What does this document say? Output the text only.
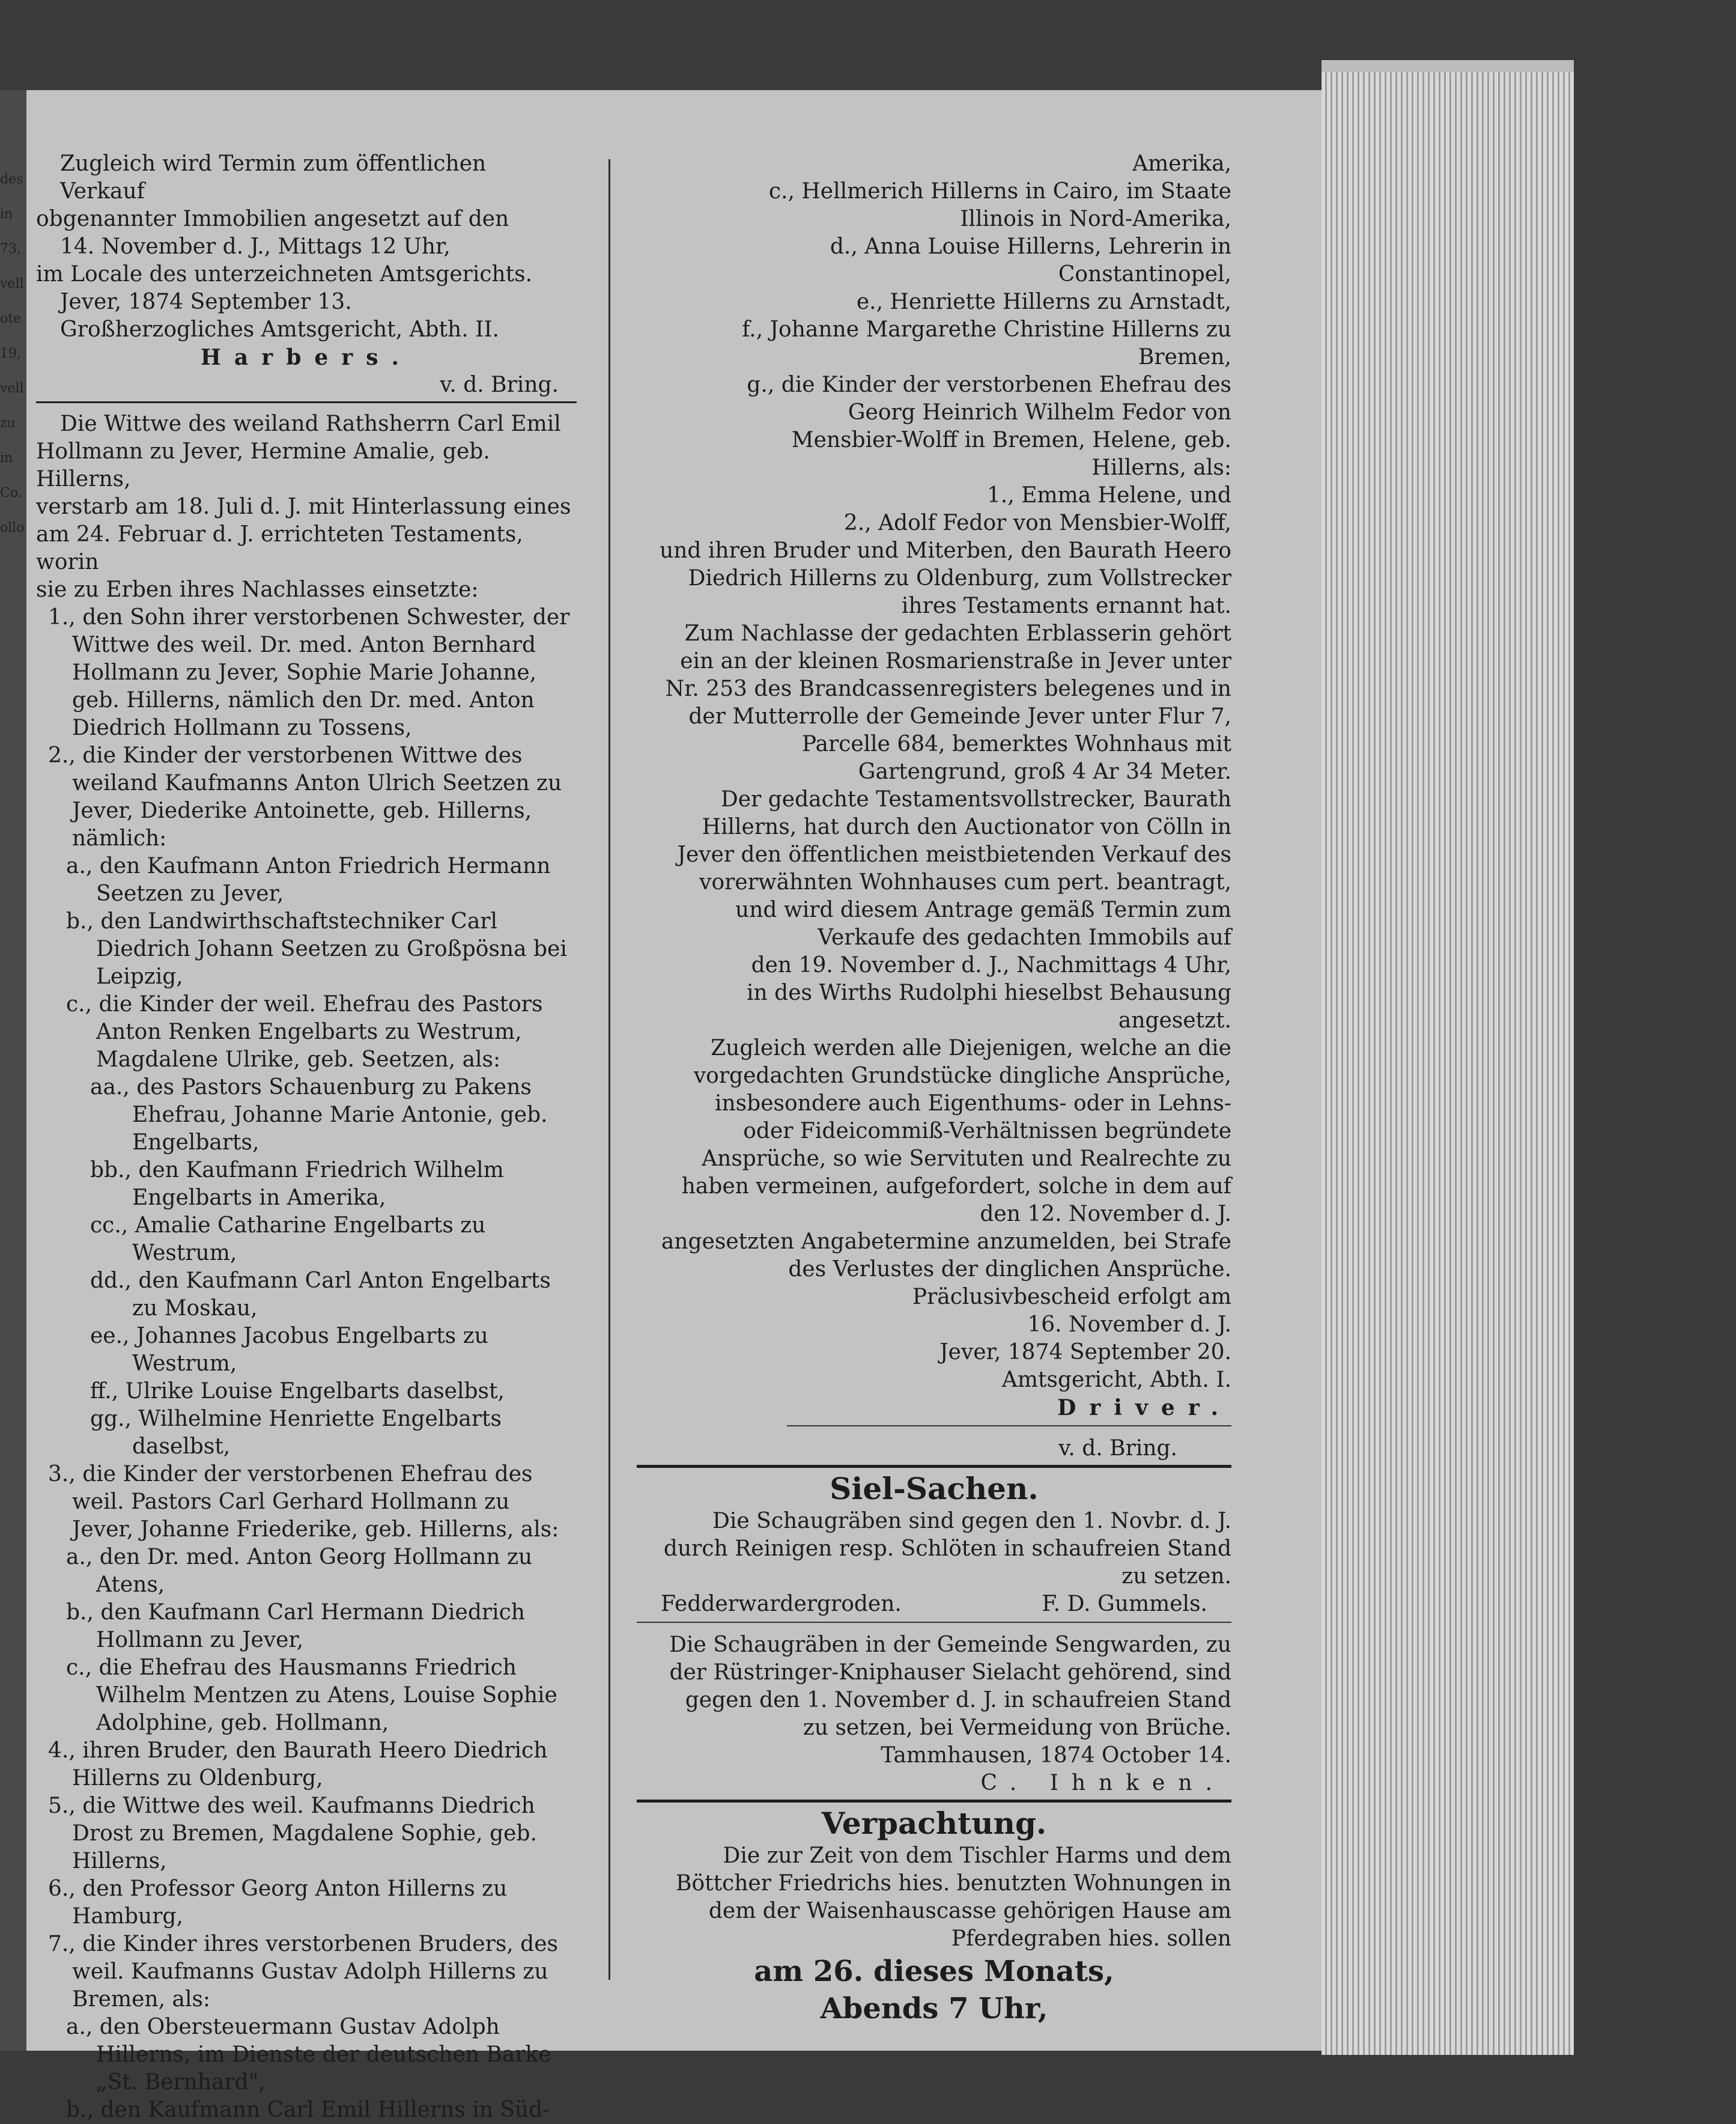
des
in
73,
vell
ote
19,
vell
zu
in
Co.
ollo

Zugleich wird Termin zum öffentlichen Verkauf

obgenannter Immobilien angesetzt auf den

14. November d. J., Mittags 12 Uhr,

im Locale des unterzeichneten Amtsgerichts.

Jever, 1874 September 13.

Großherzogliches Amtsgericht, Abth. II.

Harbers.

v. d. Bring.

Die Wittwe des weiland Rathsherrn Carl Emil

Hollmann zu Jever, Hermine Amalie, geb. Hillerns,

verstarb am 18. Juli d. J. mit Hinterlassung eines

am 24. Februar d. J. errichteten Testaments, worin

sie zu Erben ihres Nachlasses einsetzte:

1., den Sohn ihrer verstorbenen Schwester, der Wittwe des weil. Dr. med. Anton Bernhard Hollmann zu Jever, Sophie Marie Johanne, geb. Hillerns, nämlich den Dr. med. Anton Diedrich Hollmann zu Tossens,

2., die Kinder der verstorbenen Wittwe des weiland Kaufmanns Anton Ulrich Seetzen zu Jever, Diederike Antoinette, geb. Hillerns, nämlich:

a., den Kaufmann Anton Friedrich Hermann Seetzen zu Jever,

b., den Landwirthschaftstechniker Carl Diedrich Johann Seetzen zu Großpösna bei Leipzig,

c., die Kinder der weil. Ehefrau des Pastors Anton Renken Engelbarts zu Westrum, Magdalene Ulrike, geb. Seetzen, als:

aa., des Pastors Schauenburg zu Pakens Ehefrau, Johanne Marie Antonie, geb. Engelbarts,

bb., den Kaufmann Friedrich Wilhelm Engelbarts in Amerika,

cc., Amalie Catharine Engelbarts zu Westrum,

dd., den Kaufmann Carl Anton Engelbarts zu Moskau,

ee., Johannes Jacobus Engelbarts zu Westrum,

ff., Ulrike Louise Engelbarts daselbst,

gg., Wilhelmine Henriette Engelbarts daselbst,

3., die Kinder der verstorbenen Ehefrau des weil. Pastors Carl Gerhard Hollmann zu Jever, Johanne Friederike, geb. Hillerns, als:

a., den Dr. med. Anton Georg Hollmann zu Atens,

b., den Kaufmann Carl Hermann Diedrich Hollmann zu Jever,

c., die Ehefrau des Hausmanns Friedrich Wilhelm Mentzen zu Atens, Louise Sophie Adolphine, geb. Hollmann,

4., ihren Bruder, den Baurath Heero Diedrich Hillerns zu Oldenburg,

5., die Wittwe des weil. Kaufmanns Diedrich Drost zu Bremen, Magdalene Sophie, geb. Hillerns,

6., den Professor Georg Anton Hillerns zu Hamburg,

7., die Kinder ihres verstorbenen Bruders, des weil. Kaufmanns Gustav Adolph Hillerns zu Bremen, als:

a., den Obersteuermann Gustav Adolph Hillerns, im Dienste der deutschen Barke „St. Bernhard",

b., den Kaufmann Carl Emil Hillerns in Süd-

Amerika,

c., Hellmerich Hillerns in Cairo, im Staate Illinois in Nord-Amerika,

d., Anna Louise Hillerns, Lehrerin in Constantinopel,

e., Henriette Hillerns zu Arnstadt,

f., Johanne Margarethe Christine Hillerns zu Bremen,

g., die Kinder der verstorbenen Ehefrau des Georg Heinrich Wilhelm Fedor von Mensbier-Wolff in Bremen, Helene, geb. Hillerns, als:

1., Emma Helene, und

2., Adolf Fedor von Mensbier-Wolff,

und ihren Bruder und Miterben, den Baurath Heero Diedrich Hillerns zu Oldenburg, zum Vollstrecker ihres Testaments ernannt hat.

Zum Nachlasse der gedachten Erblasserin gehört ein an der kleinen Rosmarienstraße in Jever unter Nr. 253 des Brandcassenregisters belegenes und in der Mutterrolle der Gemeinde Jever unter Flur 7, Parcelle 684, bemerktes Wohnhaus mit Gartengrund, groß 4 Ar 34 Meter.

Der gedachte Testamentsvollstrecker, Baurath Hillerns, hat durch den Auctionator von Cölln in Jever den öffentlichen meistbietenden Verkauf des vorerwähnten Wohnhauses cum pert. beantragt, und wird diesem Antrage gemäß Termin zum Verkaufe des gedachten Immobils auf

den 19. November d. J., Nachmittags 4 Uhr,

in des Wirths Rudolphi hieselbst Behausung angesetzt.

Zugleich werden alle Diejenigen, welche an die vorgedachten Grundstücke dingliche Ansprüche, insbesondere auch Eigenthums- oder in Lehns- oder Fideicommiß-Verhältnissen begründete Ansprüche, so wie Servituten und Realrechte zu haben vermeinen, aufgefordert, solche in dem auf

den 12. November d. J.

angesetzten Angabetermine anzumelden, bei Strafe des Verlustes der dinglichen Ansprüche.

Präclusivbescheid erfolgt am

16. November d. J.

Jever, 1874 September 20.

Amtsgericht, Abth. I.

Driver.

v. d. Bring.

Siel-Sachen.

Die Schaugräben sind gegen den 1. Novbr. d. J. durch Reinigen resp. Schlöten in schaufreien Stand zu setzen.

Fedderwardergroden.	F. D. Gummels.

Die Schaugräben in der Gemeinde Sengwarden, zu der Rüstringer-Kniphauser Sielacht gehörend, sind gegen den 1. November d. J. in schaufreien Stand zu setzen, bei Vermeidung von Brüche.

Tammhausen, 1874 October 14.

C. Ihnken.

Verpachtung.

Die zur Zeit von dem Tischler Harms und dem Böttcher Friedrichs hies. benutzten Wohnungen in dem der Waisenhauscasse gehörigen Hause am Pferdegraben hies. sollen

am 26. dieses Monats,

Abends 7 Uhr,
